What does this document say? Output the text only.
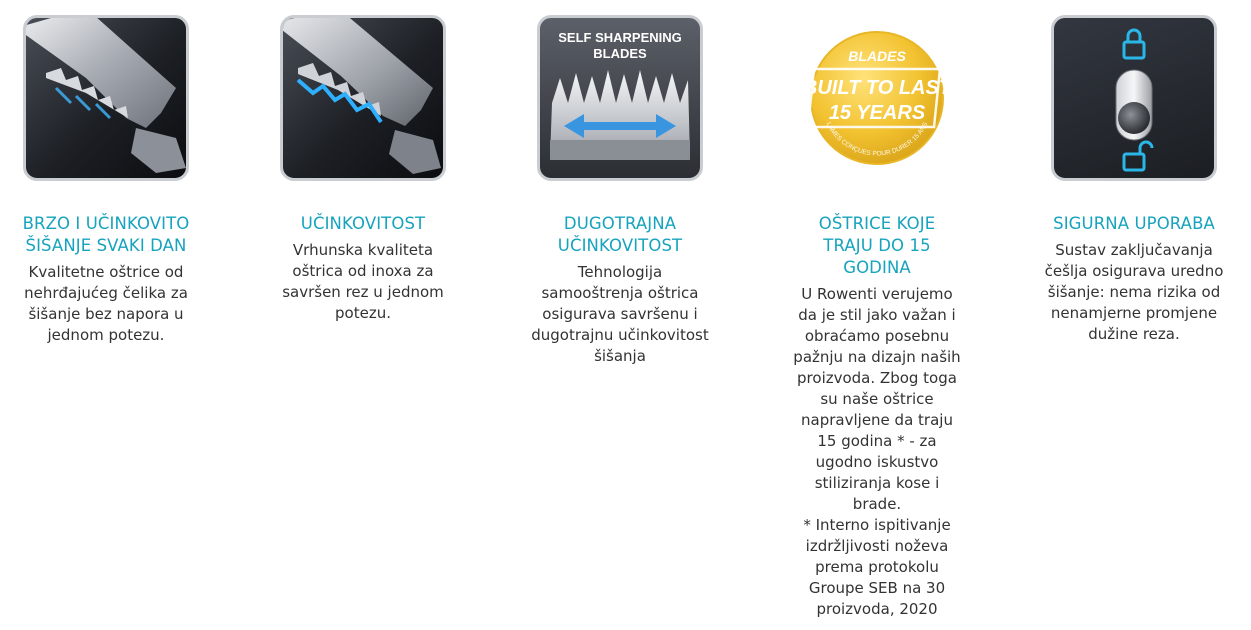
BRZO I UČINKOVITO ŠIŠANJE SVAKI DAN
Kvalitetne oštrice od nehrđajućeg čelika za šišanje bez napora u jednom potezu.
UČINKOVITOST
Vrhunska kvaliteta oštrica od inoxa za savršen rez u jednom potezu.
SELF SHARPENING BLADES
DUGOTRAJNA UČINKOVITOST
Tehnologija samooštrenja oštrica osigurava savršenu i dugotrajnu učinkovitost šišanja
BLADES
BUILT TO LAST
15 YEARS
LAMES CONÇUES POUR DURER 15 ANS
OŠTRICE KOJE TRAJU DO 15 GODINA
U Rowenti verujemo da je stil jako važan i obraćamo posebnu pažnju na dizajn naših proizvoda. Zbog toga su naše oštrice napravljene da traju 15 godina * - za ugodno iskustvo stiliziranja kose i brade.
* Interno ispitivanje izdržljivosti noževa prema protokolu Groupe SEB na 30 proizvoda, 2020
SIGURNA UPORABA
Sustav zaključavanja češlja osigurava uredno šišanje: nema rizika od nenamjerne promjene dužine reza.
